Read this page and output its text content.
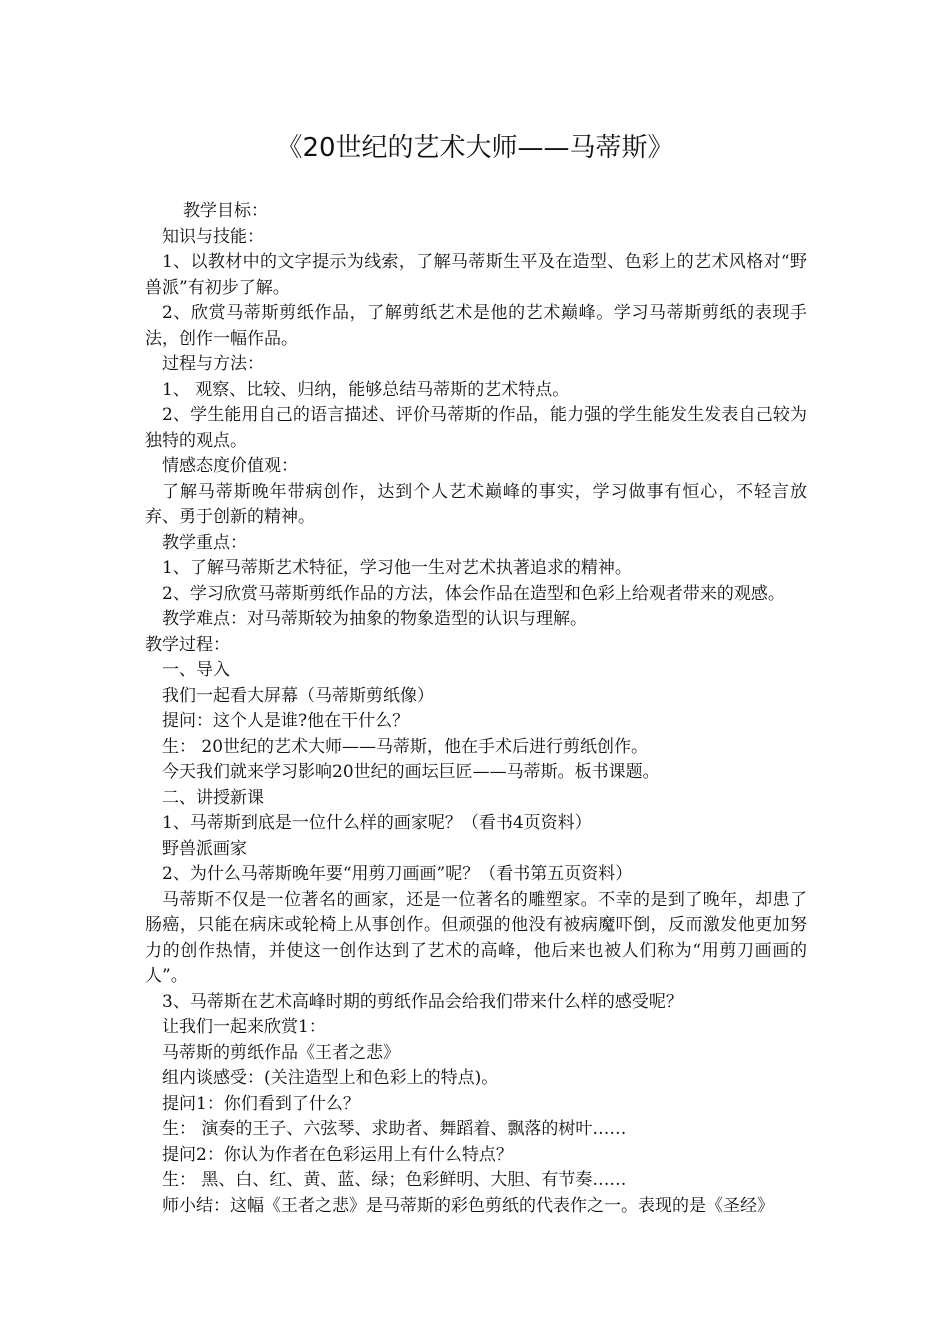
《20世纪的艺术大师——马蒂斯》

教学目标：

知识与技能：

1、以教材中的文字提示为线索，了解马蒂斯生平及在造型、色彩上的艺术风格对“野兽派”有初步了解。

2、欣赏马蒂斯剪纸作品，了解剪纸艺术是他的艺术巅峰。学习马蒂斯剪纸的表现手法，创作一幅作品。

过程与方法：

1、 观察、比较、归纳，能够总结马蒂斯的艺术特点。

2、学生能用自己的语言描述、评价马蒂斯的作品，能力强的学生能发生发表自己较为独特的观点。

情感态度价值观：

了解马蒂斯晚年带病创作，达到个人艺术巅峰的事实，学习做事有恒心，不轻言放弃、勇于创新的精神。

教学重点：

1、了解马蒂斯艺术特征，学习他一生对艺术执著追求的精神。

2、学习欣赏马蒂斯剪纸作品的方法，体会作品在造型和色彩上给观者带来的观感。

教学难点：对马蒂斯较为抽象的物象造型的认识与理解。

教学过程：

一、导入

我们一起看大屏幕（马蒂斯剪纸像）

提问：这个人是谁?他在干什么？

生： 20世纪的艺术大师——马蒂斯，他在手术后进行剪纸创作。

今天我们就来学习影响20世纪的画坛巨匠——马蒂斯。板书课题。

二、讲授新课

1、马蒂斯到底是一位什么样的画家呢？（看书4页资料）

野兽派画家

2、为什么马蒂斯晚年要“用剪刀画画”呢？（看书第五页资料）

马蒂斯不仅是一位著名的画家，还是一位著名的雕塑家。不幸的是到了晚年，却患了肠癌，只能在病床或轮椅上从事创作。但顽强的他没有被病魔吓倒，反而激发他更加努力的创作热情，并使这一创作达到了艺术的高峰，他后来也被人们称为“用剪刀画画的人”。

3、马蒂斯在艺术高峰时期的剪纸作品会给我们带来什么样的感受呢？

让我们一起来欣赏1：

马蒂斯的剪纸作品《王者之悲》

组内谈感受：(关注造型上和色彩上的特点)。

提问1：你们看到了什么？

生： 演奏的王子、六弦琴、求助者、舞蹈着、飘落的树叶……

提问2：你认为作者在色彩运用上有什么特点？

生： 黑、白、红、黄、蓝、绿；色彩鲜明、大胆、有节奏……

师小结：这幅《王者之悲》是马蒂斯的彩色剪纸的代表作之一。表现的是《圣经》
